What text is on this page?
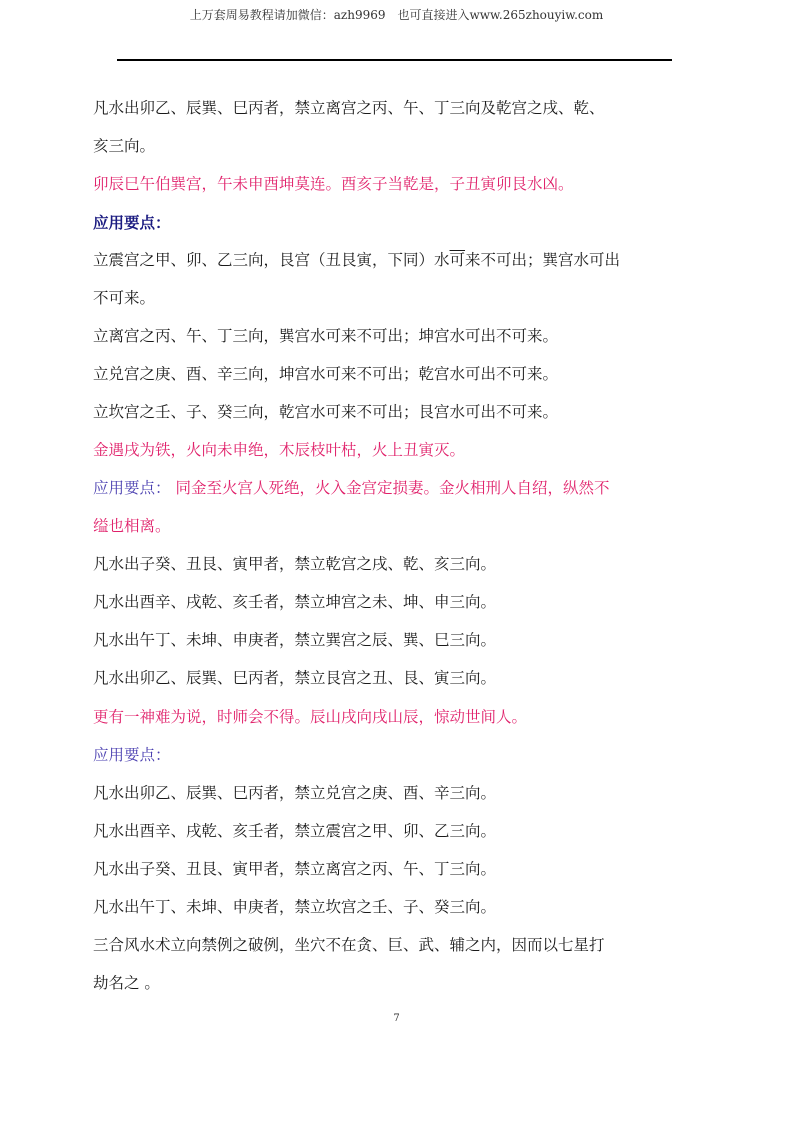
上万套周易教程请加微信：azh9969　也可直接进入www.265zhouyiw.com
凡水出卯乙、辰巽、巳丙者，禁立离宫之丙、午、丁三向及乾宫之戌、乾、
亥三向。
卯辰巳午伯巽宫，午未申酉坤莫连。酉亥子当乾是，子丑寅卯艮水凶。
应用要点：
立震宫之甲、卯、乙三向，艮宫（丑艮寅，下同）水可来不可出；巽宫水可出
不可来。
立离宫之丙、午、丁三向，巽宫水可来不可出；坤宫水可出不可来。
立兑宫之庚、酉、辛三向，坤宫水可来不可出；乾宫水可出不可来。
立坎宫之壬、子、癸三向，乾宫水可来不可出；艮宫水可出不可来。
金遇戌为铁，火向未申绝，木辰枝叶枯，火上丑寅灭。
应用要点： 同金至火宫人死绝，火入金宫定损妻。金火相刑人自绍，纵然不
缢也相离。
凡水出子癸、丑艮、寅甲者，禁立乾宫之戌、乾、亥三向。
凡水出酉辛、戌乾、亥壬者，禁立坤宫之未、坤、申三向。
凡水出午丁、未坤、申庚者，禁立巽宫之辰、巽、巳三向。
凡水出卯乙、辰巽、巳丙者，禁立艮宫之丑、艮、寅三向。
更有一神难为说，时师会不得。辰山戌向戌山辰，惊动世间人。
应用要点：
凡水出卯乙、辰巽、巳丙者，禁立兑宫之庚、酉、辛三向。
凡水出酉辛、戌乾、亥壬者，禁立震宫之甲、卯、乙三向。
凡水出子癸、丑艮、寅甲者，禁立离宫之丙、午、丁三向。
凡水出午丁、未坤、申庚者，禁立坎宫之壬、子、癸三向。
三合风水术立向禁例之破例，坐穴不在贪、巨、武、辅之内，因而以七星打
劫名之 。
7
